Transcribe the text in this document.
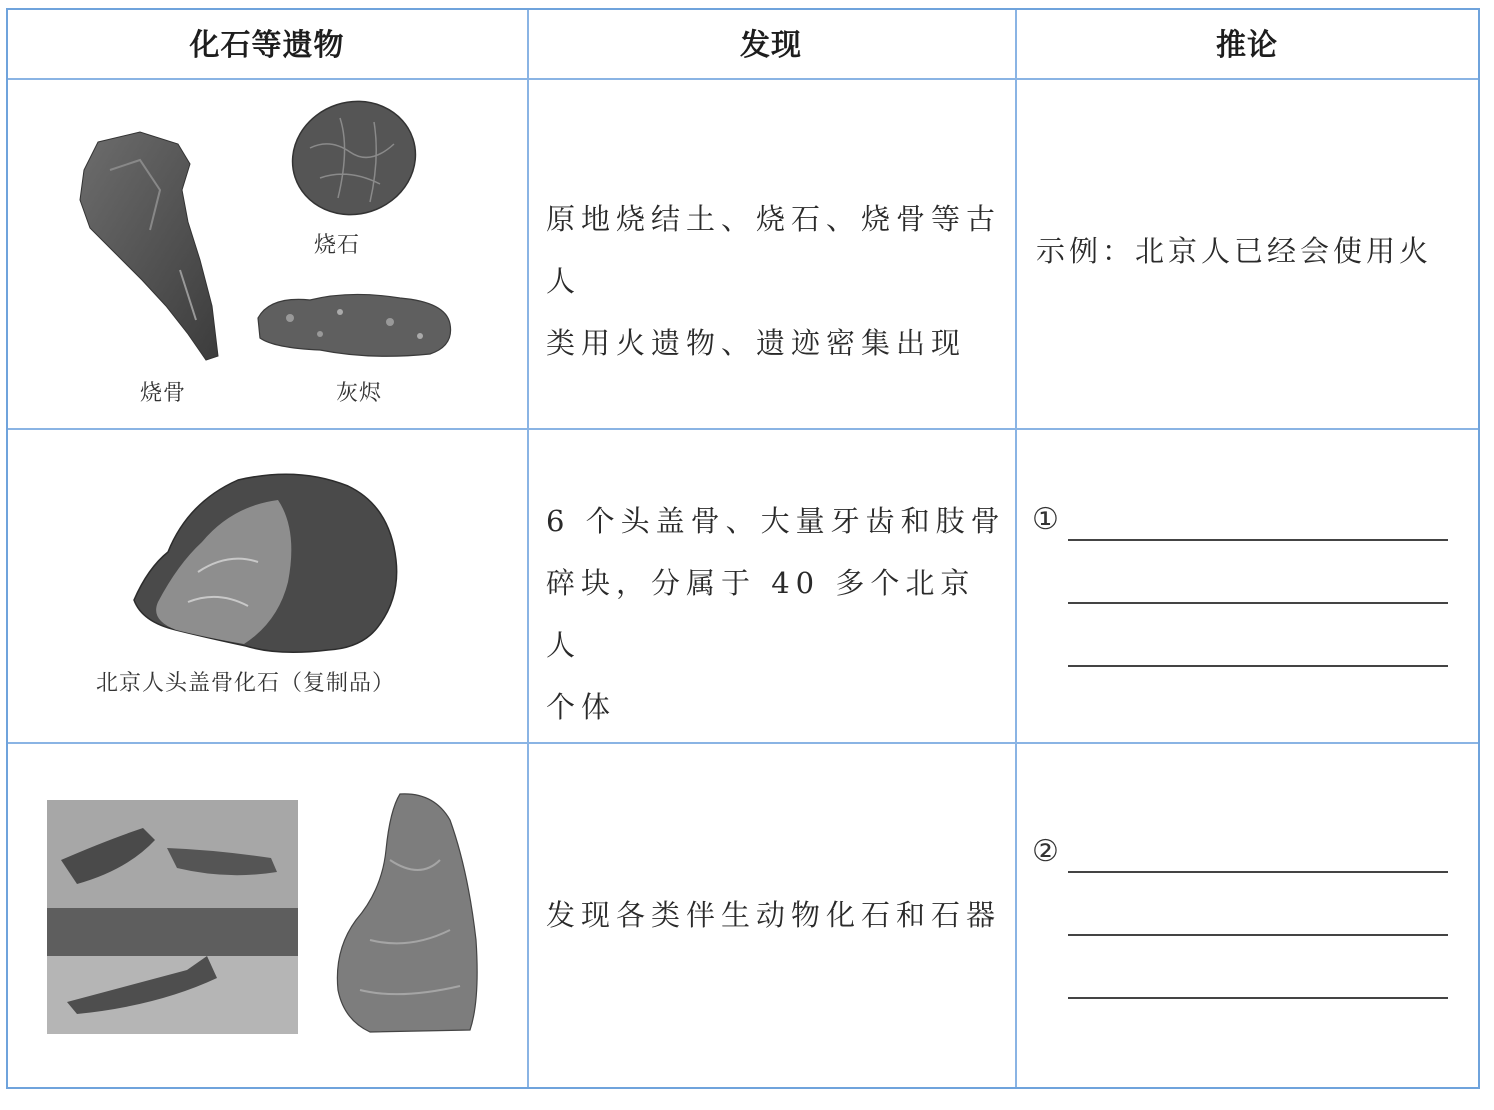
化石等遗物	发现	推论
烧骨
烧石
灰烬
原地烧结土、烧石、烧骨等古人
类用火遗物、遗迹密集出现
示例：北京人已经会使用火
北京人头盖骨化石（复制品）
6 个头盖骨、大量牙齿和肢骨
碎块，分属于 40 多个北京人
个体
①
发现各类伴生动物化石和石器
②
